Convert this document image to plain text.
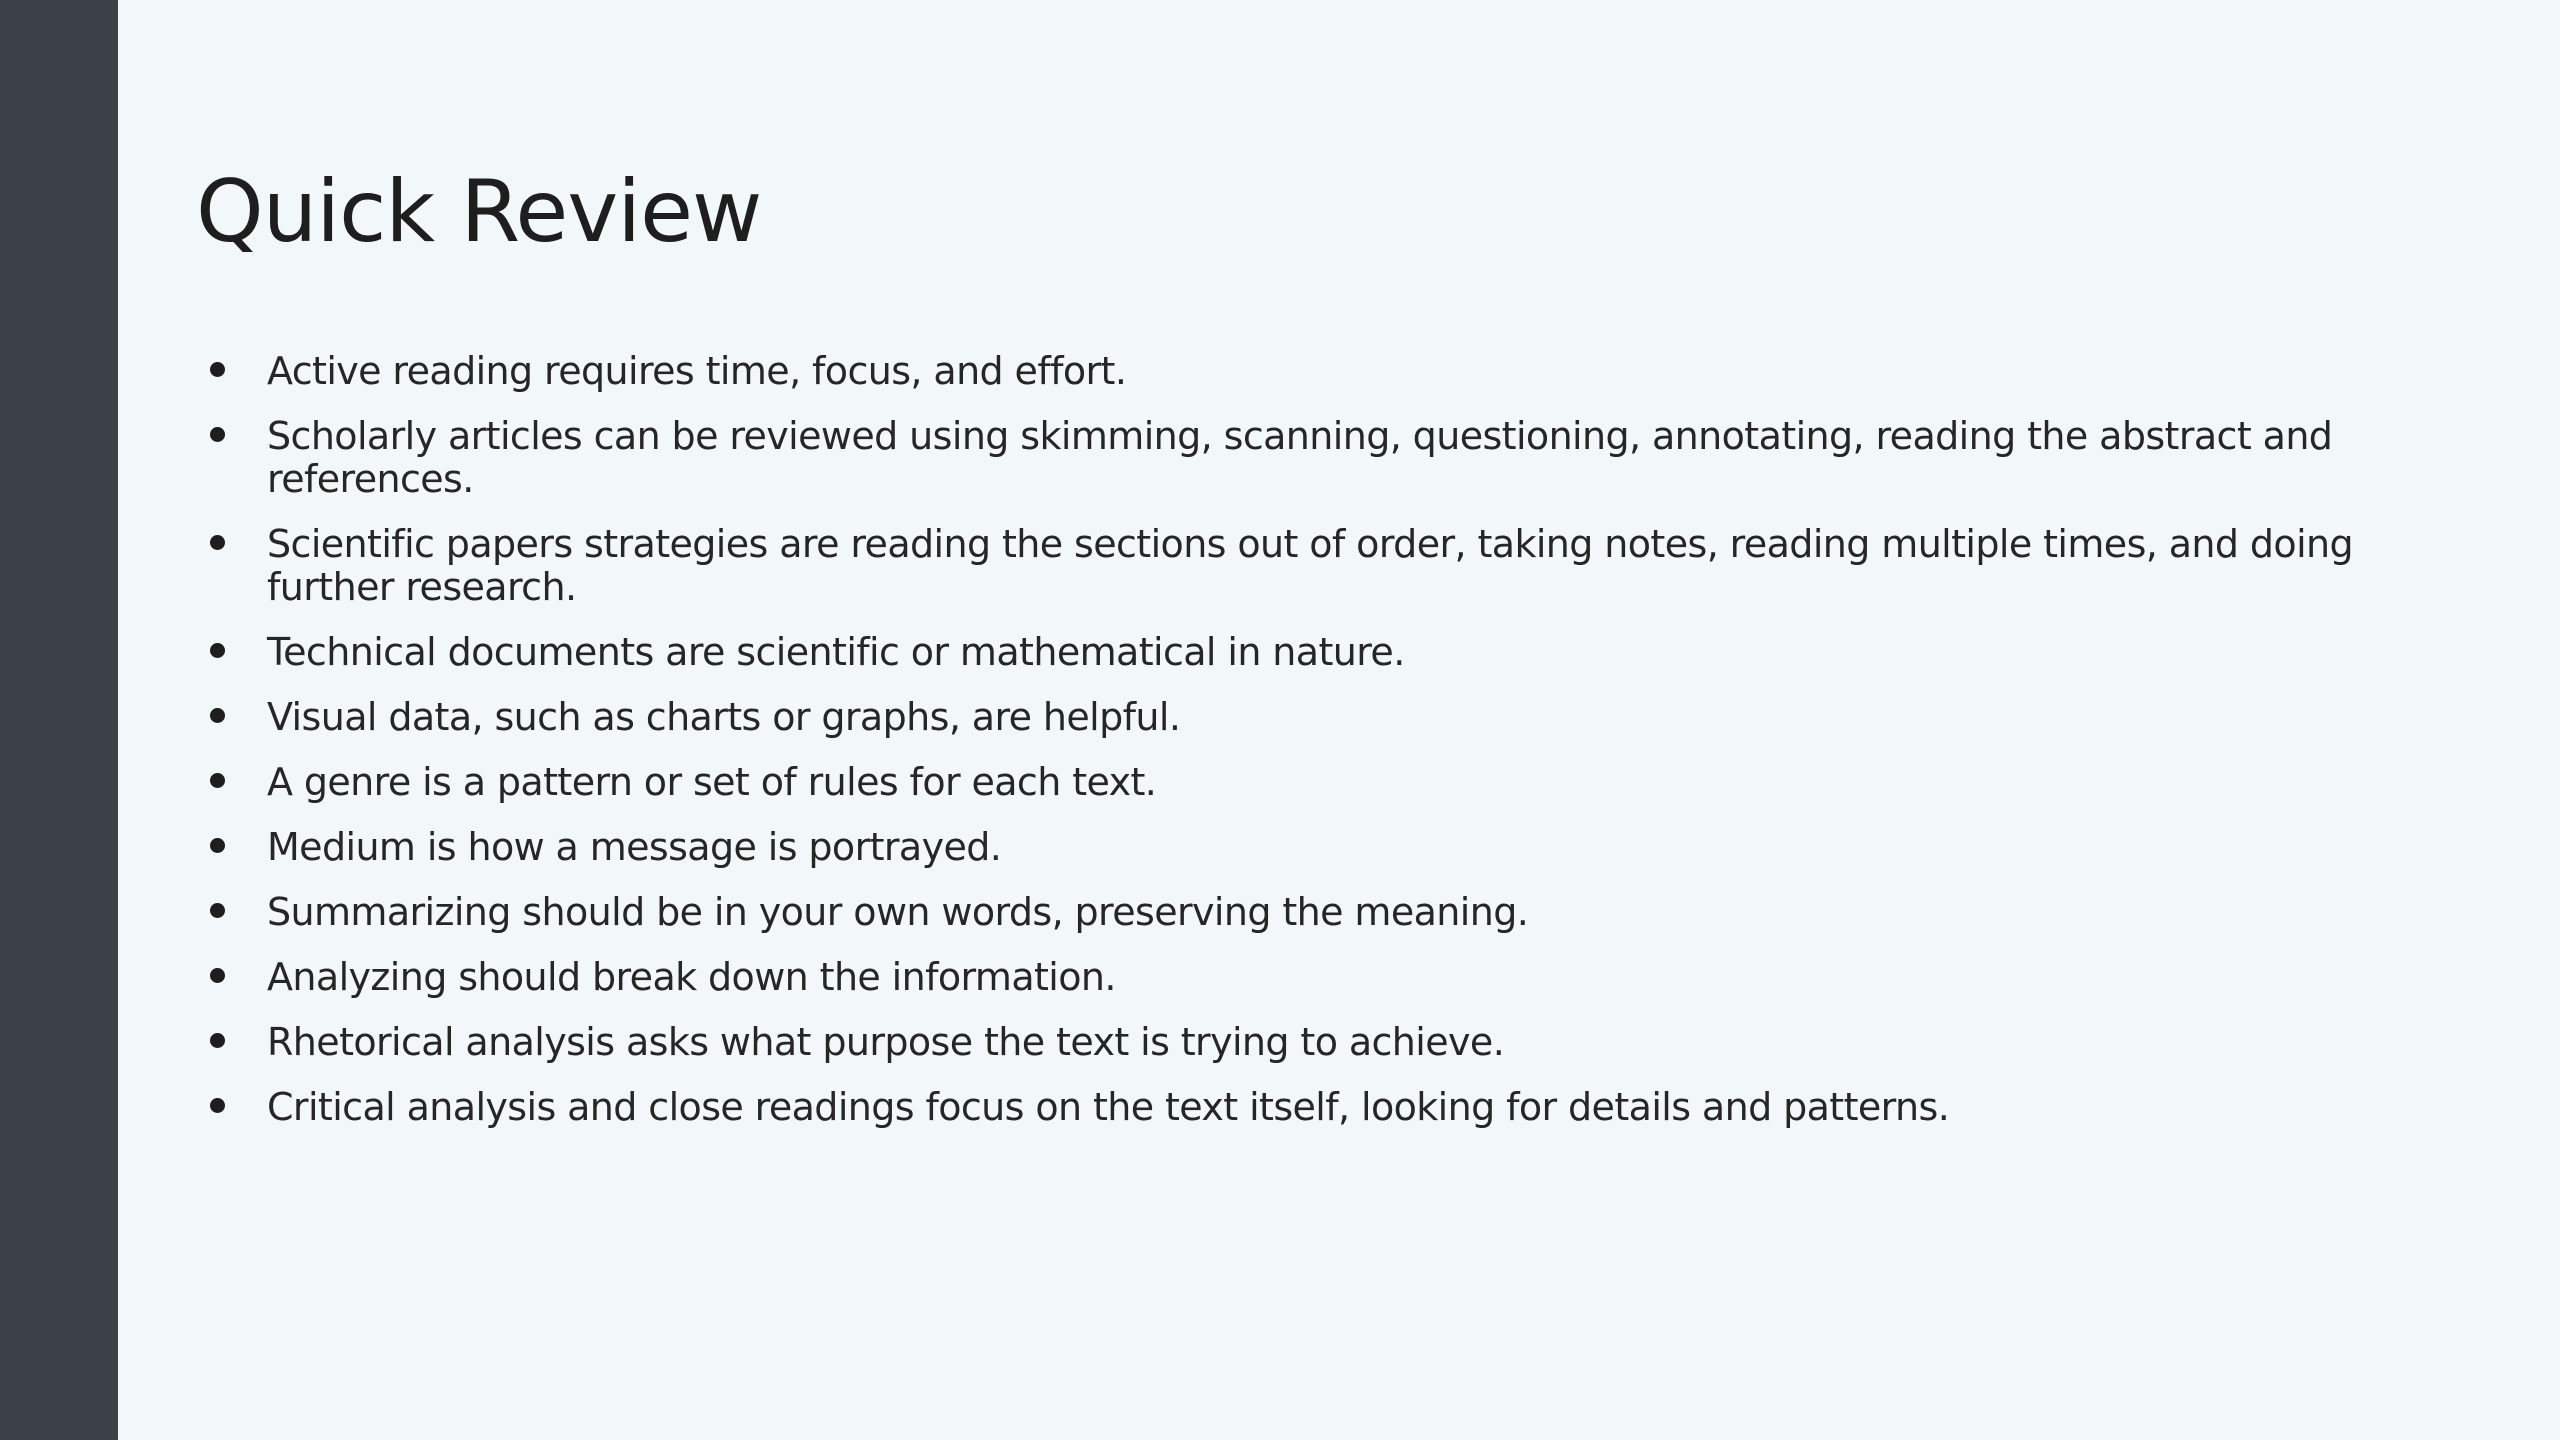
Quick Review
Active reading requires time, focus, and effort.
Scholarly articles can be reviewed using skimming, scanning, questioning, annotating, reading the abstract and references.
Scientific papers strategies are reading the sections out of order, taking notes, reading multiple times, and doing further research.
Technical documents are scientific or mathematical in nature.
Visual data, such as charts or graphs, are helpful.
A genre is a pattern or set of rules for each text.
Medium is how a message is portrayed.
Summarizing should be in your own words, preserving the meaning.
Analyzing should break down the information.
Rhetorical analysis asks what purpose the text is trying to achieve.
Critical analysis and close readings focus on the text itself, looking for details and patterns.
